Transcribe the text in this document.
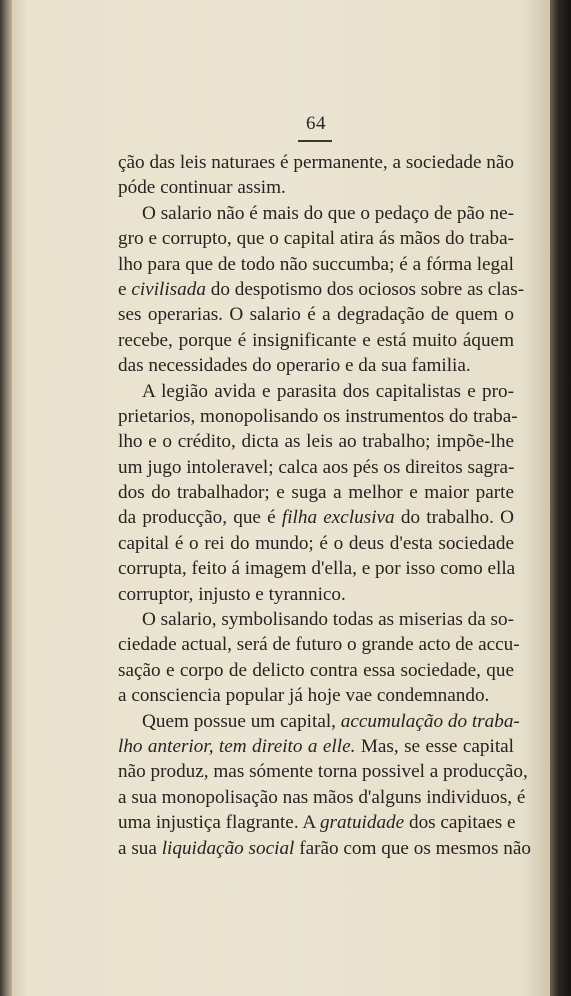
64
ção das leis naturaes é permanente, a sociedade não
póde continuar assim.
O salario não é mais do que o pedaço de pão ne-
gro e corrupto, que o capital atira ás mãos do traba-
lho para que de todo não succumba; é a fórma legal
e civilisada do despotismo dos ociosos sobre as clas-
ses operarias. O salario é a degradação de quem o
recebe, porque é insignificante e está muito áquem
das necessidades do operario e da sua familia.
A legião avida e parasita dos capitalistas e pro-
prietarios, monopolisando os instrumentos do traba-
lho e o crédito, dicta as leis ao trabalho; impõe-lhe
um jugo intoleravel; calca aos pés os direitos sagra-
dos do trabalhador; e suga a melhor e maior parte
da producção, que é filha exclusiva do trabalho. O
capital é o rei do mundo; é o deus d'esta sociedade
corrupta, feito á imagem d'ella, e por isso como ella
corruptor, injusto e tyrannico.
O salario, symbolisando todas as miserias da so-
ciedade actual, será de futuro o grande acto de accu-
sação e corpo de delicto contra essa sociedade, que
a consciencia popular já hoje vae condemnando.
Quem possue um capital, accumulação do traba-
lho anterior, tem direito a elle. Mas, se esse capital
não produz, mas sómente torna possivel a producção,
a sua monopolisação nas mãos d'alguns individuos, é
uma injustiça flagrante. A gratuidade dos capitaes e
a sua liquidação social farão com que os mesmos não
